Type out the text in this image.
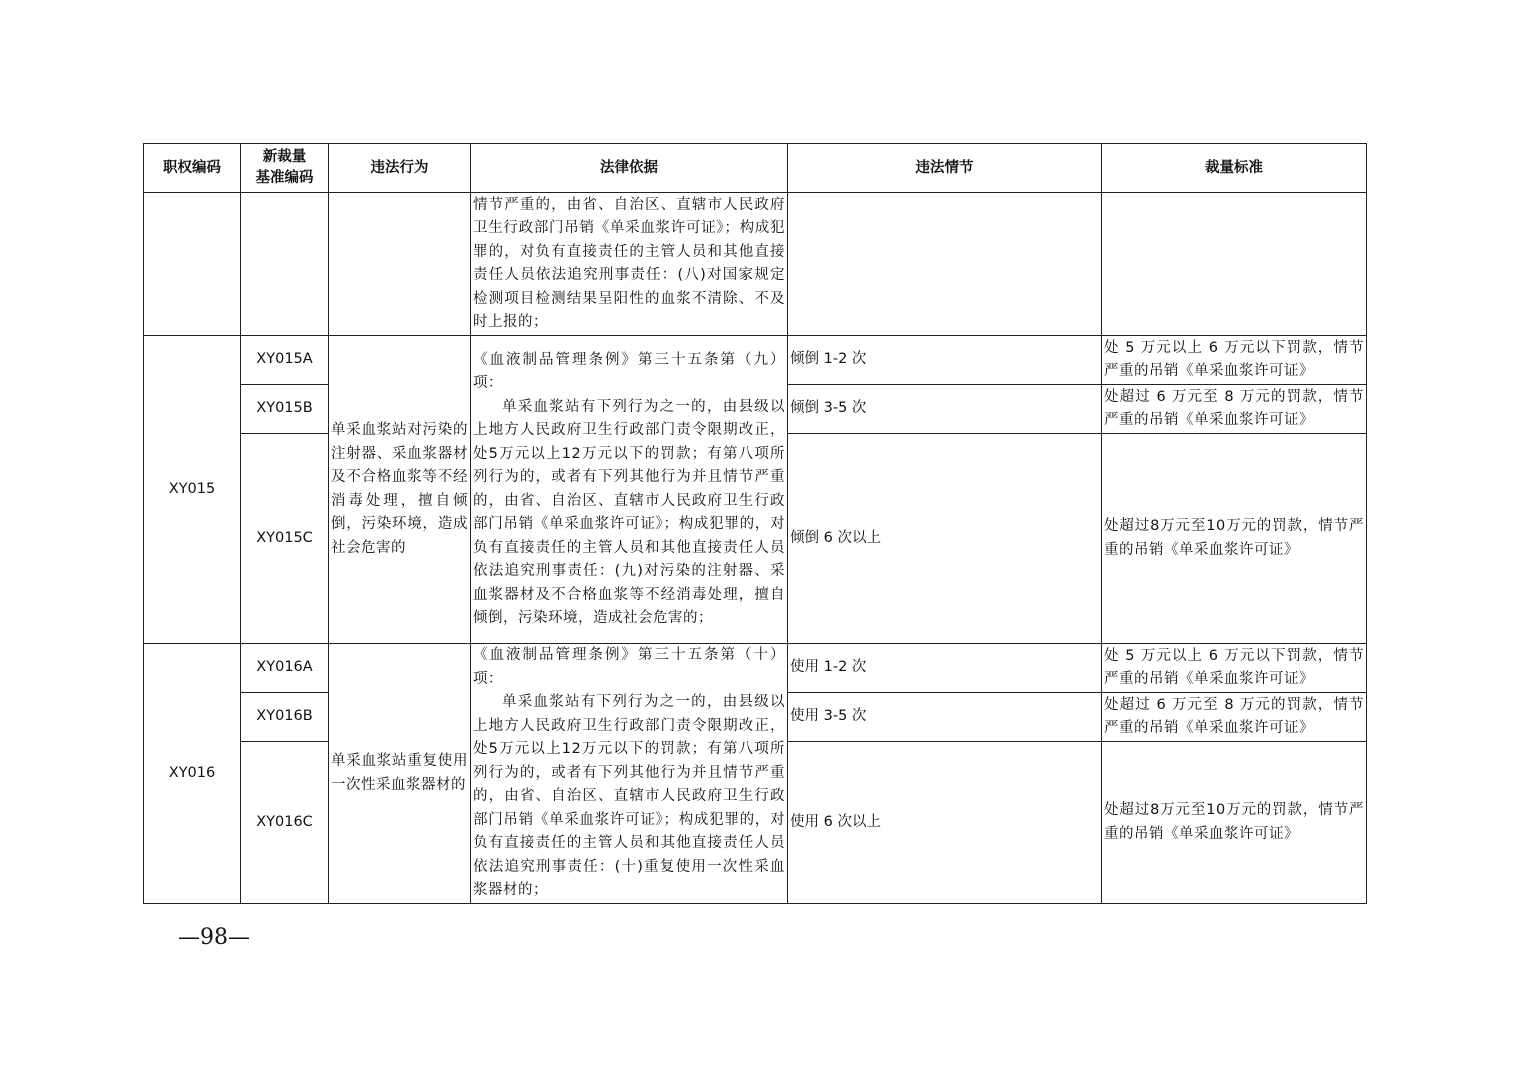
职权编码	新裁量
基准编码	违法行为	法律依据	违法情节	裁量标准
			情节严重的，由省、自治区、直辖市人民政府卫生行政部门吊销《单采血浆许可证》；构成犯罪的，对负有直接责任的主管人员和其他直接责任人员依法追究刑事责任：(八)对国家规定检测项目检测结果呈阳性的血浆不清除、不及时上报的；		
XY015	XY015A	单采血浆站对污染的注射器、采血浆器材及不合格血浆等不经消毒处理，擅自倾倒，污染环境，造成社会危害的	《血液制品管理条例》第三十五条第（九）项：
单采血浆站有下列行为之一的，由县级以上地方人民政府卫生行政部门责令限期改正，处5万元以上12万元以下的罚款；有第八项所列行为的，或者有下列其他行为并且情节严重的，由省、自治区、直辖市人民政府卫生行政部门吊销《单采血浆许可证》；构成犯罪的，对负有直接责任的主管人员和其他直接责任人员依法追究刑事责任：(九)对污染的注射器、采血浆器材及不合格血浆等不经消毒处理，擅自倾倒，污染环境，造成社会危害的；	倾倒 1-2 次	处 5 万元以上 6 万元以下罚款，情节严重的吊销《单采血浆许可证》
	XY015B			倾倒 3-5 次	处超过 6 万元至 8 万元的罚款，情节严重的吊销《单采血浆许可证》
	XY015C			倾倒 6 次以上	处超过8万元至10万元的罚款，情节严重的吊销《单采血浆许可证》
XY016	XY016A	单采血浆站重复使用一次性采血浆器材的	《血液制品管理条例》第三十五条第（十）项：
单采血浆站有下列行为之一的，由县级以上地方人民政府卫生行政部门责令限期改正，处5万元以上12万元以下的罚款；有第八项所列行为的，或者有下列其他行为并且情节严重的，由省、自治区、直辖市人民政府卫生行政部门吊销《单采血浆许可证》；构成犯罪的，对负有直接责任的主管人员和其他直接责任人员依法追究刑事责任：(十)重复使用一次性采血浆器材的；	使用 1-2 次	处 5 万元以上 6 万元以下罚款，情节严重的吊销《单采血浆许可证》
	XY016B			使用 3-5 次	处超过 6 万元至 8 万元的罚款，情节严重的吊销《单采血浆许可证》
	XY016C			使用 6 次以上	处超过8万元至10万元的罚款，情节严重的吊销《单采血浆许可证》
—98—
